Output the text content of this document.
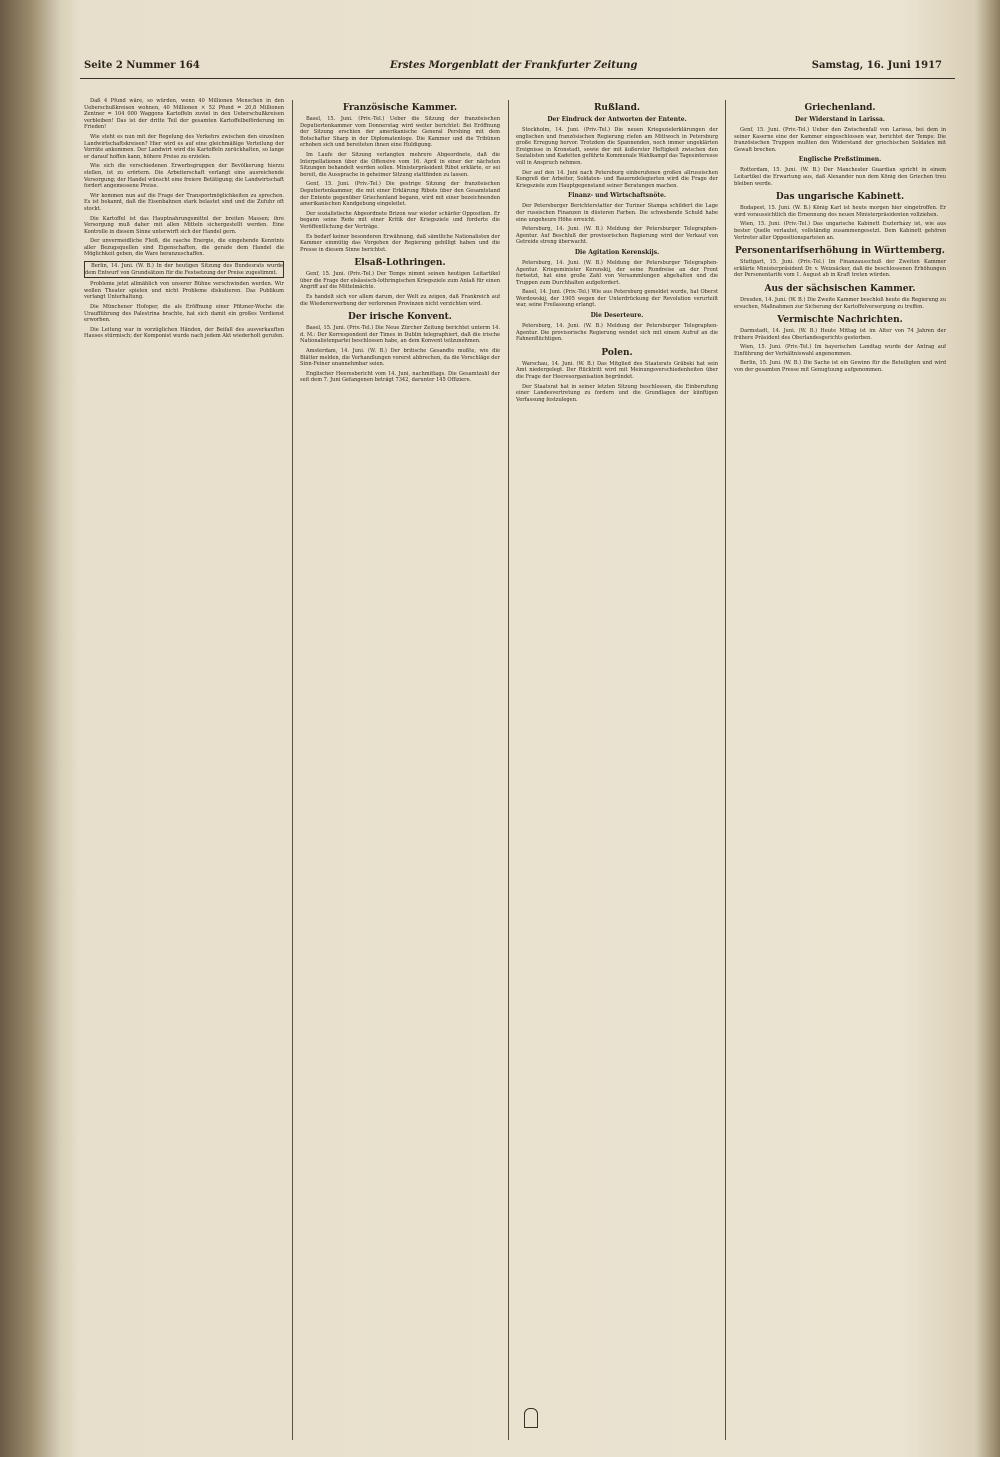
Seite 2 Nummer 164	Erstes Morgenblatt der Frankfurter Zeitung	Samstag, 16. Juni 1917

Daß 4 Pfund wäre, so würden, wenn 40 Millionen Menschen in den Ueberschußkreisen wohnen, 40 Millionen × 52 Pfund = 20,8 Millionen Zentner = 104 000 Waggons Kartoffeln zuviel in den Ueberschußkreisen verbleiben! Das ist der dritte Teil der gesamten Kartoffelbeförderung im Frieden!

Wie steht es nun mit der Regelung des Verkehrs zwischen den einzelnen Landwirtschaftskreisen? Hier wird es auf eine gleichmäßige Verteilung der Vorräte ankommen. Der Landwirt wird die Kartoffeln zurückhalten, so lange er darauf hoffen kann, höhere Preise zu erzielen.

Wie sich die verschiedenen Erwerbsgruppen der Bevölkerung hierzu stellen, ist zu erörtern. Die Arbeiterschaft verlangt eine ausreichende Versorgung; der Handel wünscht eine freiere Betätigung; die Landwirtschaft fordert angemessene Preise.

Wir kommen nun auf die Frage der Transportmöglichkeiten zu sprechen. Es ist bekannt, daß die Eisenbahnen stark belastet sind und die Zufuhr oft stockt.

Die Kartoffel ist das Hauptnahrungsmittel der breiten Massen; ihre Versorgung muß daher mit allen Mitteln sichergestellt werden. Eine Kontrolle in diesem Sinne unterwirft sich der Handel gern.

Der unvermeidliche Fleiß, die rasche Energie, die eingehende Kenntnis aller Bezugsquellen sind Eigenschaften, die gerade dem Handel die Möglichkeit geben, die Ware heranzuschaffen.

Berlin, 14. Juni. (W. B.) In der heutigen Sitzung des Bundesrats wurde dem Entwurf von Grundsätzen für die Festsetzung der Preise zugestimmt.

Probleme jetzt allmählich von unserer Bühne verschwinden werden. Wir wollen Theater spielen und nicht Probleme diskutieren. Das Publikum verlangt Unterhaltung.

Die Münchener Hofoper, die als Eröffnung einer Pfitzner-Woche die Uraufführung des Palestrina brachte, hat sich damit ein großes Verdienst erworben.

Die Leitung war in vorzüglichen Händen, der Beifall des ausverkauften Hauses stürmisch; der Komponist wurde nach jedem Akt wiederholt gerufen.

Französische Kammer.

Basel, 15. Juni. (Priv.-Tel.) Ueber die Sitzung der französischen Deputiertenkammer vom Donnerstag wird weiter berichtet: Bei Eröffnung der Sitzung erschien der amerikanische General Pershing mit dem Botschafter Sharp in der Diplomatenloge. Die Kammer und die Tribünen erhoben sich und bereiteten ihnen eine Huldigung.

Im Laufe der Sitzung verlangten mehrere Abgeordnete, daß die Interpellationen über die Offensive vom 16. April in einer der nächsten Sitzungen behandelt werden sollen. Ministerpräsident Ribot erklärte, er sei bereit, die Aussprache in geheimer Sitzung stattfinden zu lassen.

Genf, 15. Juni. (Priv.-Tel.) Die gestrige Sitzung der französischen Deputiertenkammer, die mit einer Erklärung Ribots über den Gesamtstand der Entente gegenüber Griechenland begann, wird mit einer bezeichnenden amerikanischen Kundgebung eingeleitet.

Der sozialistische Abgeordnete Brizon war wieder schärfer Opposition. Er begann seine Rede mit einer Kritik der Kriegsziele und forderte die Veröffentlichung der Verträge.

Es bedarf keiner besonderen Erwähnung, daß sämtliche Nationalisten der Kammer einmütig das Vorgehen der Regierung gebilligt haben und die Presse in diesem Sinne berichtet.

Elsaß-Lothringen.

Genf, 15. Juni. (Priv.-Tel.) Der Temps nimmt seinen heutigen Leitartikel über die Frage der elsässisch-lothringischen Kriegsziele zum Anlaß für einen Angriff auf die Mittelmächte.

Es handelt sich vor allem darum, der Welt zu zeigen, daß Frankreich auf die Wiedererwerbung der verlorenen Provinzen nicht verzichten wird.

Der irische Konvent.

Basel, 15. Juni. (Priv.-Tel.) Die Neue Zürcher Zeitung berichtet unterm 14. d. M.: Der Korrespondent der Times in Dublin telegraphiert, daß die irische Nationalistenpartei beschlossen habe, an dem Konvent teilzunehmen.

Amsterdam, 14. Juni. (W. B.) Der britische Gesandte mußte, wie die Blätter melden, die Verhandlungen vorerst abbrechen, da die Vorschläge der Sinn-Feiner unannehmbar seien.

Englischer Heeresbericht vom 14. Juni, nachmittags. Die Gesamtzahl der seit dem 7. Juni Gefangenen beträgt 7342, darunter 145 Offiziere.

Rußland.
Der Eindruck der Antworten der Entente.

Stockholm, 14. Juni. (Priv.-Tel.) Die neuen Kriegszielerklärungen der englischen und französischen Regierung riefen am Mittwoch in Petersburg große Erregung hervor. Trotzdem die Spannenden, noch immer ungeklärten Ereignisse in Kronstadt, sowie der mit äußerster Heftigkeit zwischen den Sozialisten und Kadetten geführte Kommunale Wahlkampf das Tagesinteresse voll in Anspruch nehmen.

Der auf den 14. Juni nach Petersburg einberufenen großen allrussischen Kongreß der Arbeiter, Soldaten- und Bauerndelegierten wird die Frage der Kriegsziele zum Hauptgegenstand seiner Beratungen machen.

Finanz- und Wirtschaftsnöte.

Der Petersburger Berichterstatter der Turiner Stampa schildert die Lage der russischen Finanzen in düsteren Farben. Die schwebende Schuld habe eine ungeheure Höhe erreicht.

Petersburg, 14. Juni. (W. B.) Meldung der Petersburger Telegraphen-Agentur. Auf Beschluß der provisorischen Regierung wird der Verkauf von Getreide streng überwacht.

Die Agitation Kerenskijs.

Petersburg, 14. Juni. (W. B.) Meldung der Petersburger Telegraphen-Agentur. Kriegsminister Kerenskij, der seine Rundreise an der Front fortsetzt, hat eine große Zahl von Versammlungen abgehalten und die Truppen zum Durchhalten aufgefordert.

Basel, 14. Juni. (Priv.-Tel.) Wie aus Petersburg gemeldet wurde, hat Oberst Wordowskij, der 1905 wegen der Unterdrückung der Revolution verurteilt war, seine Freilassung erlangt.

Die Deserteure.

Petersburg, 14. Juni. (W. B.) Meldung der Petersburger Telegraphen-Agentur. Die provisorische Regierung wendet sich mit einem Aufruf an die Fahnenflüchtigen.

Polen.

Warschau, 14. Juni. (W. B.) Das Mitglied des Staatsrats Gräbski hat sein Amt niedergelegt. Der Rücktritt wird mit Meinungsverschiedenheiten über die Frage der Heeresorganisation begründet.

Der Staatsrat hat in seiner letzten Sitzung beschlossen, die Einberufung einer Landesvertretung zu fordern und die Grundlagen der künftigen Verfassung festzulegen.

Griechenland.
Der Widerstand in Larissa.

Genf, 15. Juni. (Priv.-Tel.) Ueber den Zwischenfall von Larissa, bei dem in seiner Kaserne eine der Kammer eingeschlossen war, berichtet der Temps: Die französischen Truppen mußten den Widerstand der griechischen Soldaten mit Gewalt brechen.

Englische Preßstimmen.

Rotterdam, 15. Juni. (W. B.) Der Manchester Guardian spricht in einem Leitartikel die Erwartung aus, daß Alexander nun dem König den Griechen treu bleiben werde.

Das ungarische Kabinett.

Budapest, 15. Juni. (W. B.) König Karl ist heute morgen hier eingetroffen. Er wird voraussichtlich die Ernennung des neuen Ministerpräsidenten vollziehen.

Wien, 15. Juni. (Priv.-Tel.) Das ungarische Kabinett Eszterházy ist, wie aus bester Quelle verlautet, vollständig zusammengesetzt. Dem Kabinett gehören Vertreter aller Oppositionsparteien an.

Personentarifserhöhung in Württemberg.

Stuttgart, 15. Juni. (Priv.-Tel.) Im Finanzausschuß der Zweiten Kammer erklärte Ministerpräsident Dr. v. Weizsäcker, daß die beschlossenen Erhöhungen der Personentarife vom 1. August ab in Kraft treten würden.

Aus der sächsischen Kammer.

Dresden, 14. Juni. (W. B.) Die Zweite Kammer beschloß heute die Regierung zu ersuchen, Maßnahmen zur Sicherung der Kartoffelversorgung zu treffen.

Vermischte Nachrichten.

Darmstadt, 14. Juni. (W. B.) Heute Mittag ist im Alter von 74 Jahren der frühere Präsident des Oberlandesgerichts gestorben.

Wien, 15. Juni. (Priv.-Tel.) Im bayerischen Landtag wurde der Antrag auf Einführung der Verhältniswahl angenommen.

Berlin, 15. Juni. (W. B.) Die Sache ist ein Gewinn für die Beteiligten und wird von der gesamten Presse mit Genugtuung aufgenommen.
